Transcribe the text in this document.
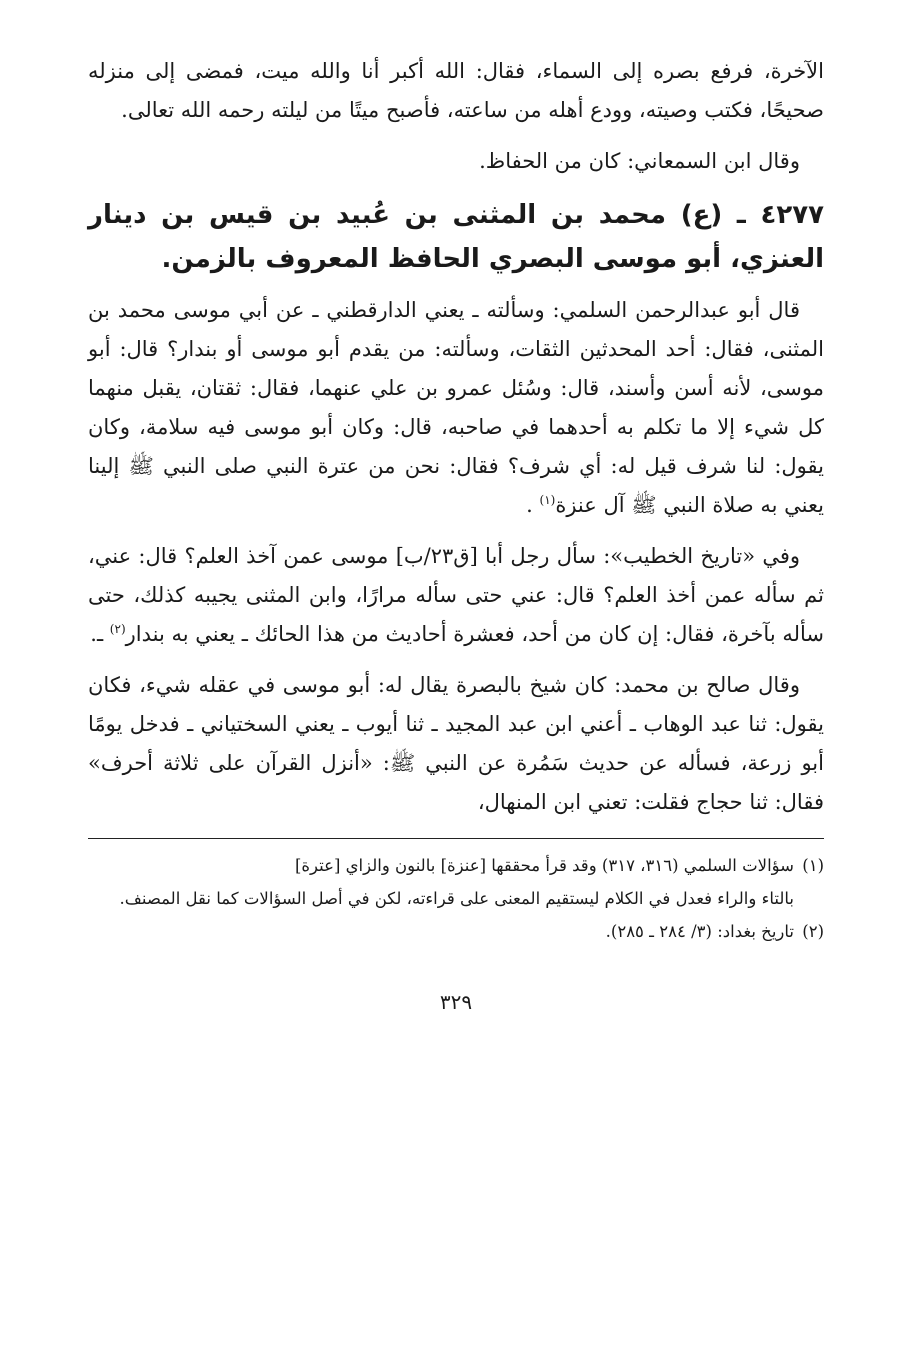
الآخرة، فرفع بصره إلى السماء، فقال: الله أكبر أنا والله ميت، فمضى إلى منزله صحيحًا، فكتب وصيته، وودع أهله من ساعته، فأصبح ميتًا من ليلته رحمه الله تعالى.

وقال ابن السمعاني: كان من الحفاظ.

٤٢٧٧ ـ (ع) محمد بن المثنى بن عُبيد بن قيس بن دينار العنزي، أبو موسى البصري الحافظ المعروف بالزمن.

قال أبو عبدالرحمن السلمي: وسألته ـ يعني الدارقطني ـ عن أبي موسى محمد بن المثنى، فقال: أحد المحدثين الثقات، وسألته: من يقدم أبو موسى أو بندار؟ قال: أبو موسى، لأنه أسن وأسند، قال: وسُئل عمرو بن علي عنهما، فقال: ثقتان، يقبل منهما كل شيء إلا ما تكلم به أحدهما في صاحبه، قال: وكان أبو موسى فيه سلامة، وكان يقول: لنا شرف قيل له: أي شرف؟ فقال: نحن من عترة النبي صلى النبي ﷺ إلينا يعني به صلاة النبي ﷺ آل عنزة$^{(١)}$ .

وفي «تاريخ الخطيب»: سأل رجل أبا [ق٢٣/ب] موسى عمن آخذ العلم؟ قال: عني، ثم سأله عمن أخذ العلم؟ قال: عني حتى سأله مرارًا، وابن المثنى يجيبه كذلك، حتى سأله بآخرة، فقال: إن كان من أحد، فعشرة أحاديث من هذا الحائك ـ يعني به بندار$^{(٢)}$ ـ.

وقال صالح بن محمد: كان شيخ بالبصرة يقال له: أبو موسى في عقله شيء، فكان يقول: ثنا عبد الوهاب ـ أعني ابن عبد المجيد ـ ثنا أيوب ـ يعني السختياني ـ فدخل يومًا أبو زرعة، فسأله عن حديث سَمُرة عن النبي ﷺ: «أنزل القرآن على ثلاثة أحرف» فقال: ثنا حجاج فقلت: تعني ابن المنهال،

(١)سؤالات السلمي (٣١٦، ٣١٧) وقد قرأ محققها [عنزة] بالنون والزاي [عترة]

بالتاء والراء فعدل في الكلام ليستقيم المعنى على قراءته، لكن في أصل السؤالات كما نقل المصنف.

(٢)تاريخ بغداد: (٣/ ٢٨٤ ـ ٢٨٥).

٣٢٩
